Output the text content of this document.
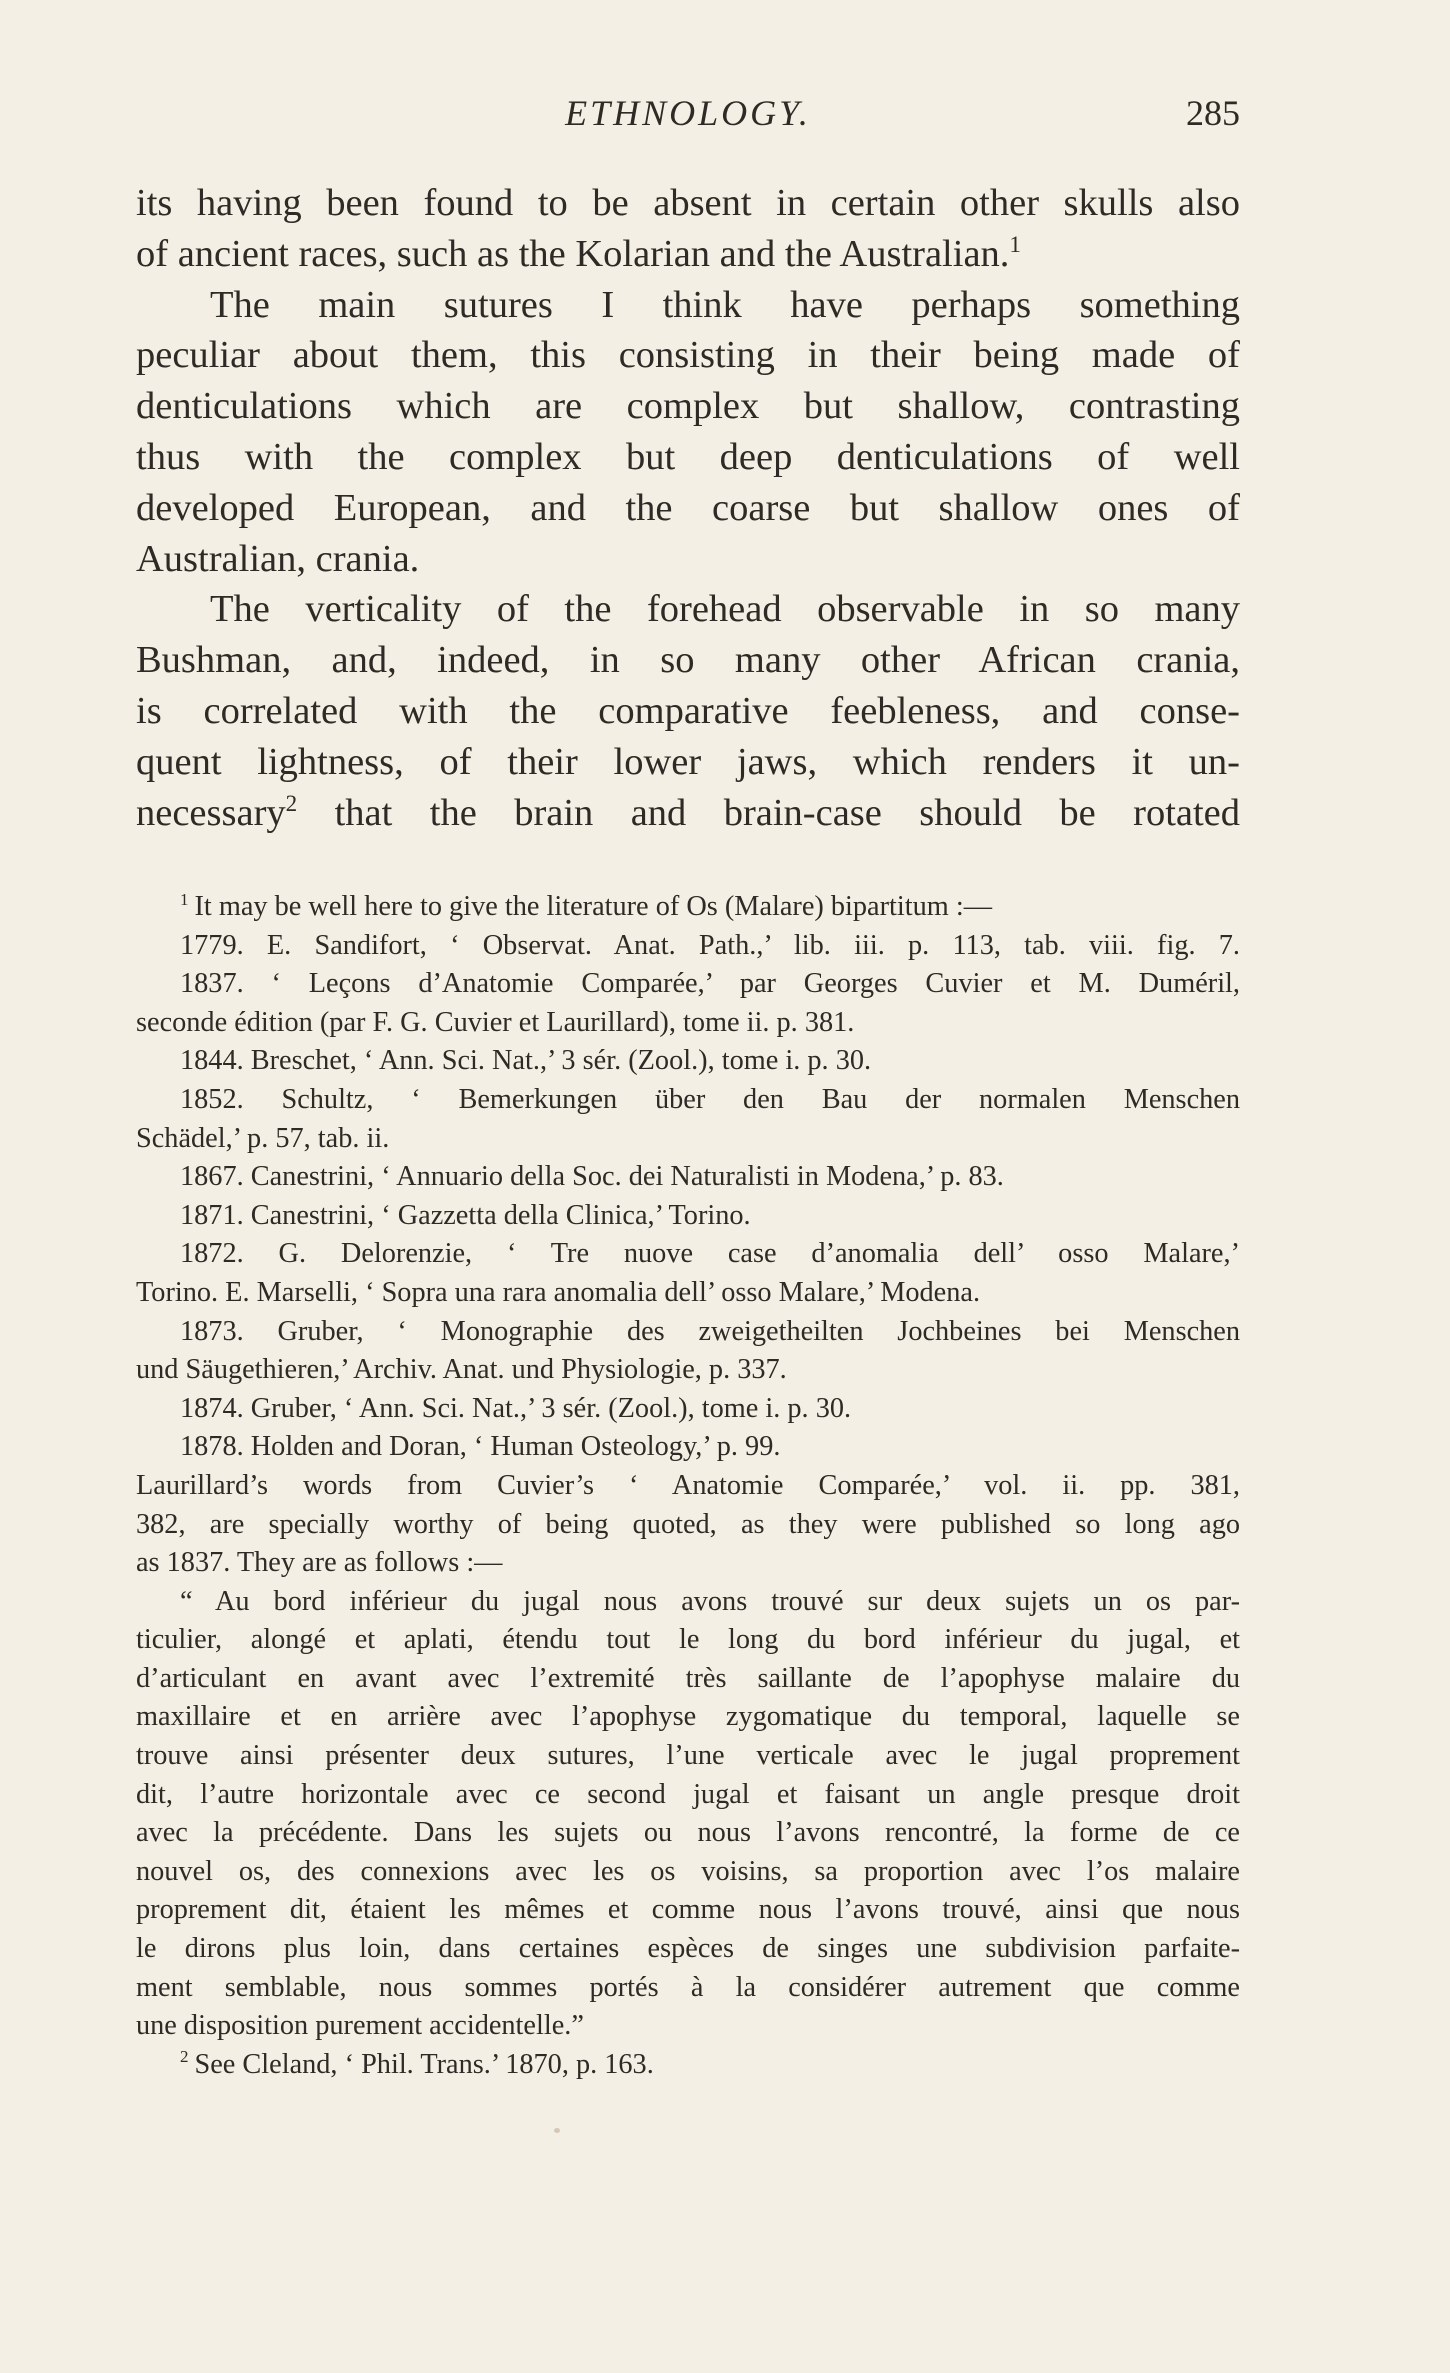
ETHNOLOGY.	285
its having been found to be absent in certain other skulls also
of ancient races, such as the Kolarian and the Australian.$^1$
The main sutures I think have perhaps something
peculiar about them, this consisting in their being made of
denticulations which are complex but shallow, contrasting
thus with the complex but deep denticulations of well
developed European, and the coarse but shallow ones of
Australian, crania.
The verticality of the forehead observable in so many
Bushman, and, indeed, in so many other African crania,
is correlated with the comparative feebleness, and conse-
quent lightness, of their lower jaws, which renders it un-
necessary$^2$ that the brain and brain-case should be rotated
$^1$ It may be well here to give the literature of Os (Malare) bipartitum :—
1779. E. Sandifort, ‘ Observat. Anat. Path.,’ lib. iii. p. 113, tab. viii. fig. 7.
1837. ‘ Leçons d’Anatomie Comparée,’ par Georges Cuvier et M. Duméril,
seconde édition (par F. G. Cuvier et Laurillard), tome ii. p. 381.
1844. Breschet, ‘ Ann. Sci. Nat.,’ 3 sér. (Zool.), tome i. p. 30.
1852. Schultz, ‘ Bemerkungen über den Bau der normalen Menschen
Schädel,’ p. 57, tab. ii.
1867. Canestrini, ‘ Annuario della Soc. dei Naturalisti in Modena,’ p. 83.
1871. Canestrini, ‘ Gazzetta della Clinica,’ Torino.
1872. G. Delorenzie, ‘ Tre nuove case d’anomalia dell’ osso Malare,’
Torino. E. Marselli, ‘ Sopra una rara anomalia dell’ osso Malare,’ Modena.
1873. Gruber, ‘ Monographie des zweigetheilten Jochbeines bei Menschen
und Säugethieren,’ Archiv. Anat. und Physiologie, p. 337.
1874. Gruber, ‘ Ann. Sci. Nat.,’ 3 sér. (Zool.), tome i. p. 30.
1878. Holden and Doran, ‘ Human Osteology,’ p. 99.
Laurillard’s words from Cuvier’s ‘ Anatomie Comparée,’ vol. ii. pp. 381,
382, are specially worthy of being quoted, as they were published so long ago
as 1837. They are as follows :—
“ Au bord inférieur du jugal nous avons trouvé sur deux sujets un os par-
ticulier, alongé et aplati, étendu tout le long du bord inférieur du jugal, et
d’articulant en avant avec l’extremité très saillante de l’apophyse malaire du
maxillaire et en arrière avec l’apophyse zygomatique du temporal, laquelle se
trouve ainsi présenter deux sutures, l’une verticale avec le jugal proprement
dit, l’autre horizontale avec ce second jugal et faisant un angle presque droit
avec la précédente. Dans les sujets ou nous l’avons rencontré, la forme de ce
nouvel os, des connexions avec les os voisins, sa proportion avec l’os malaire
proprement dit, étaient les mêmes et comme nous l’avons trouvé, ainsi que nous
le dirons plus loin, dans certaines espèces de singes une subdivision parfaite-
ment semblable, nous sommes portés à la considérer autrement que comme
une disposition purement accidentelle.”
$^2$ See Cleland, ‘ Phil. Trans.’ 1870, p. 163.
